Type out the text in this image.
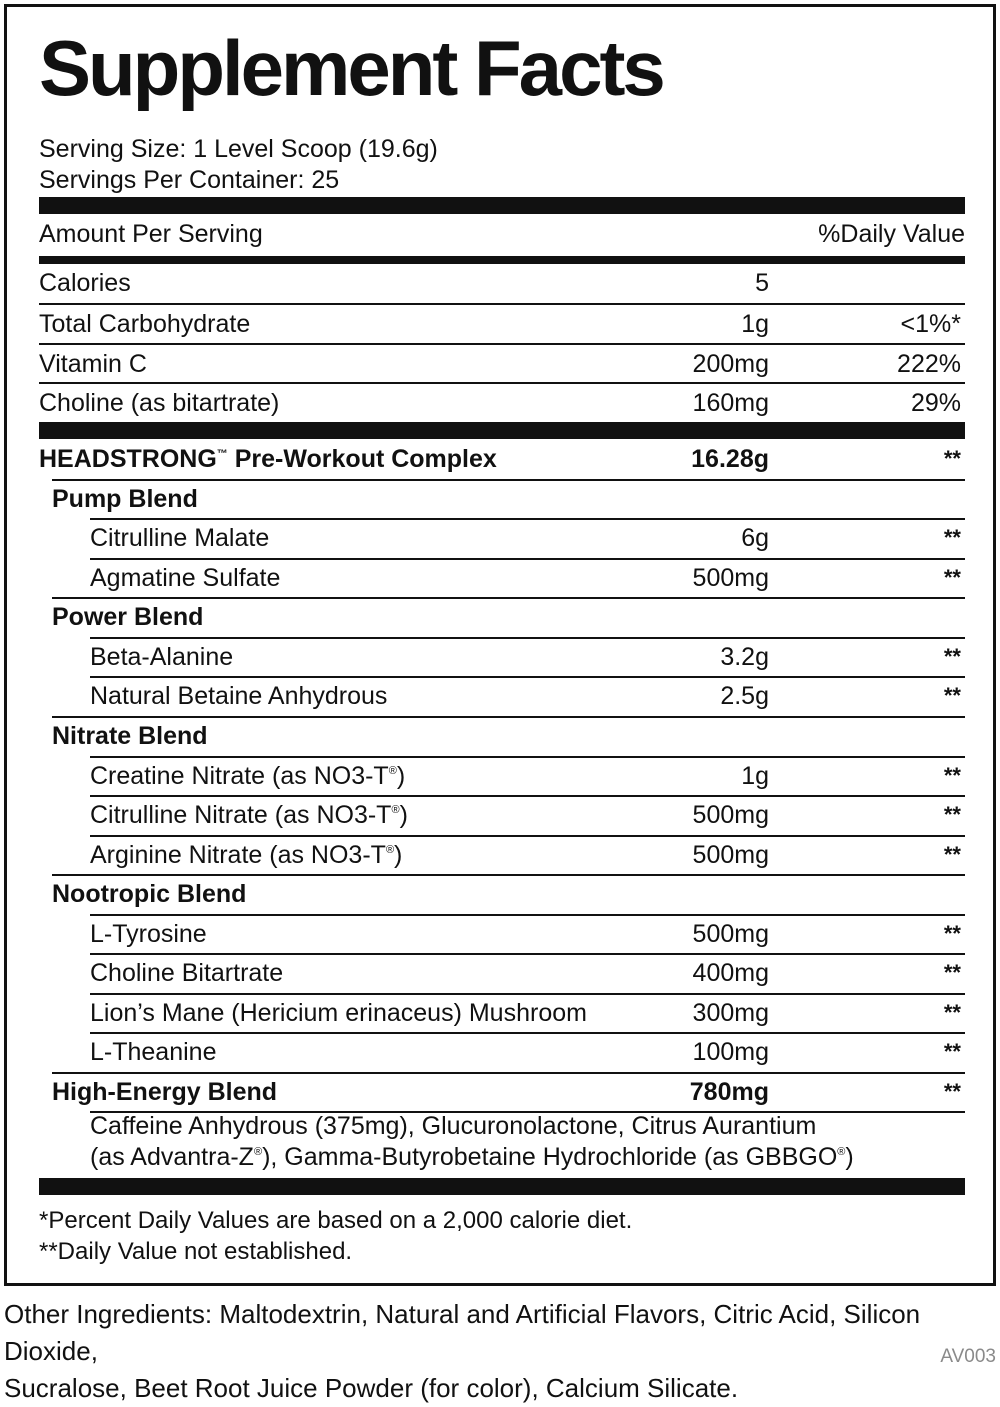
Supplement Facts
Serving Size: 1 Level Scoop (19.6g)
Servings Per Container: 25
Amount Per Serving	%Daily Value
Calories	5
Total Carbohydrate	1g	<1%*
Vitamin C	200mg	222%
Choline (as bitartrate)	160mg	29%
HEADSTRONG™ Pre-Workout Complex	16.28g	**
Pump Blend
Citrulline Malate	6g	**
Agmatine Sulfate	500mg	**
Power Blend
Beta-Alanine	3.2g	**
Natural Betaine Anhydrous	2.5g	**
Nitrate Blend
Creatine Nitrate (as NO3-T®)	1g	**
Citrulline Nitrate (as NO3-T®)	500mg	**
Arginine Nitrate (as NO3-T®)	500mg	**
Nootropic Blend
L-Tyrosine	500mg	**
Choline Bitartrate	400mg	**
Lion’s Mane (Hericium erinaceus) Mushroom	300mg	**
L-Theanine	100mg	**
High-Energy Blend	780mg	**
Caffeine Anhydrous (375mg), Glucuronolactone, Citrus Aurantium
(as Advantra-Z®), Gamma-Butyrobetaine Hydrochloride (as GBBGO®)
*Percent Daily Values are based on a 2,000 calorie diet.
**Daily Value not established.
Other Ingredients: Maltodextrin, Natural and Artificial Flavors, Citric Acid, Silicon Dioxide,
Sucralose, Beet Root Juice Powder (for color), Calcium Silicate.
AV003
